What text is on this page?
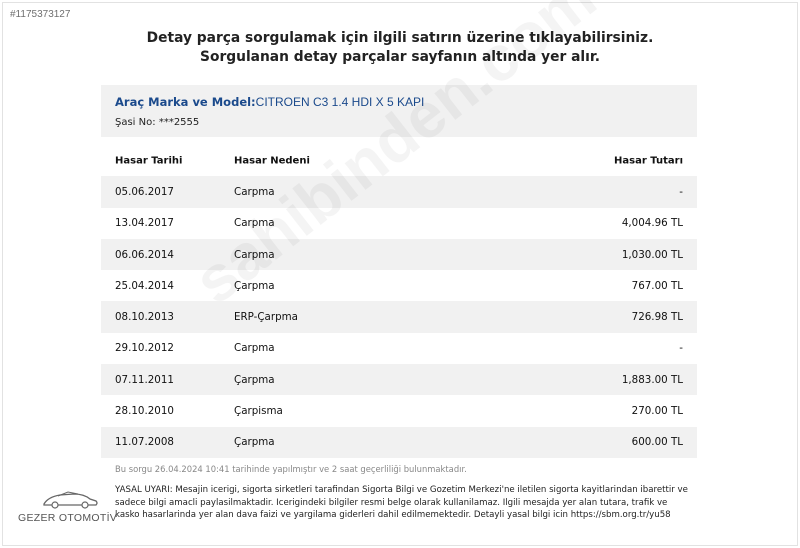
#1175373127
Detay parça sorgulamak için ilgili satırın üzerine tıklayabilirsiniz. Sorgulanan detay parçalar sayfanın altında yer alır.
Araç Marka ve Model:CITROEN C3 1.4 HDI X 5 KAPI
Şasi No: ***2555
Hasar Tarihi	Hasar Nedeni	Hasar Tutarı
05.06.2017	Carpma	-
13.04.2017	Carpma	4,004.96 TL
06.06.2014	Carpma	1,030.00 TL
25.04.2014	Çarpma	767.00 TL
08.10.2013	ERP-Çarpma	726.98 TL
29.10.2012	Carpma	-
07.11.2011	Çarpma	1,883.00 TL
28.10.2010	Çarpisma	270.00 TL
11.07.2008	Çarpma	600.00 TL
Bu sorgu 26.04.2024 10:41 tarihinde yapılmıştır ve 2 saat geçerliliği bulunmaktadır.
YASAL UYARI: Mesajin icerigi, sigorta sirketleri tarafindan Sigorta Bilgi ve Gozetim Merkezi'ne iletilen sigorta kayitlarindan ibarettir ve sadece bilgi amacli paylasilmaktadir. Icerigindeki bilgiler resmi belge olarak kullanilamaz. Ilgili mesajda yer alan tutara, trafik ve kasko hasarlarinda yer alan dava faizi ve yargilama giderleri dahil edilmemektedir. Detayli yasal bilgi icin https://sbm.org.tr/yu58
GEZER OTOMOTİV
